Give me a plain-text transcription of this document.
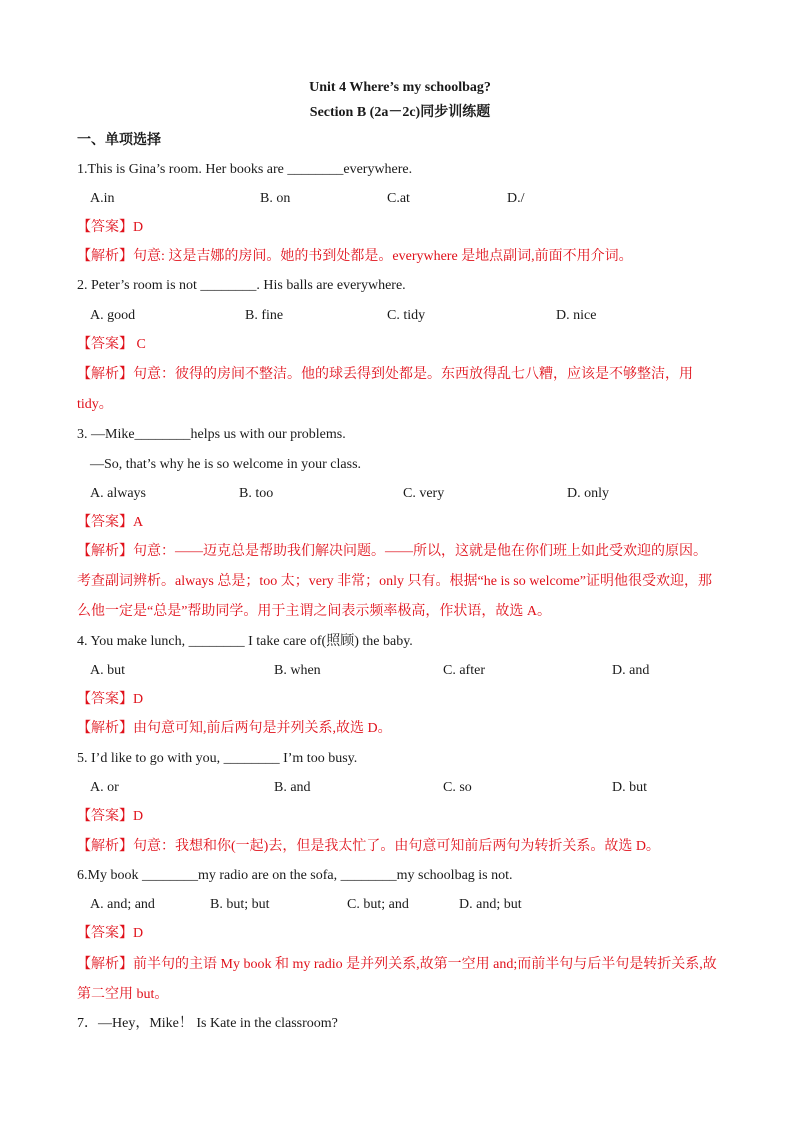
Unit 4 Where’s my schoolbag?
Section B (2a－2c)同步训练题
一、单项选择
1.This is Gina’s room. Her books are ________everywhere.
A.in	B. on	C.at	D./
【答案】D
【解析】句意: 这是吉娜的房间。她的书到处都是。everywhere 是地点副词,前面不用介词。
2. Peter’s room is not ________. His balls are everywhere.
A. good	B. fine	C. tidy	D. nice
【答案】 C
【解析】句意：彼得的房间不整洁。他的球丢得到处都是。东西放得乱七八糟，应该是不够整洁，用
tidy。
3. —Mike________helps us with our problems.
—So, that’s why he is so welcome in your class.
A. always	B. too	C. very	D. only
【答案】A
【解析】句意：——迈克总是帮助我们解决问题。——所以，这就是他在你们班上如此受欢迎的原因。
考查副词辨析。always 总是；too 太；very 非常；only 只有。根据“he is so welcome”证明他很受欢迎，那
么他一定是“总是”帮助同学。用于主谓之间表示频率极高，作状语，故选 A。
4. You make lunch, ________ I take care of(照顾) the baby.
A. but	B. when	C. after	D. and
【答案】D
【解析】由句意可知,前后两句是并列关系,故选 D。
5. I’d like to go with you, ________ I’m too busy.
A. or	B. and	C. so	D. but
【答案】D
【解析】句意：我想和你(一起)去，但是我太忙了。由句意可知前后两句为转折关系。故选 D。
6.My book ________my radio are on the sofa, ________my schoolbag is not.
A. and; and	B. but; but	C. but; and	D. and; but
【答案】D
【解析】前半句的主语 My book 和 my radio 是并列关系,故第一空用 and;而前半句与后半句是转折关系,故
第二空用 but。
7．—Hey，Mike！ Is Kate in the classroom?
